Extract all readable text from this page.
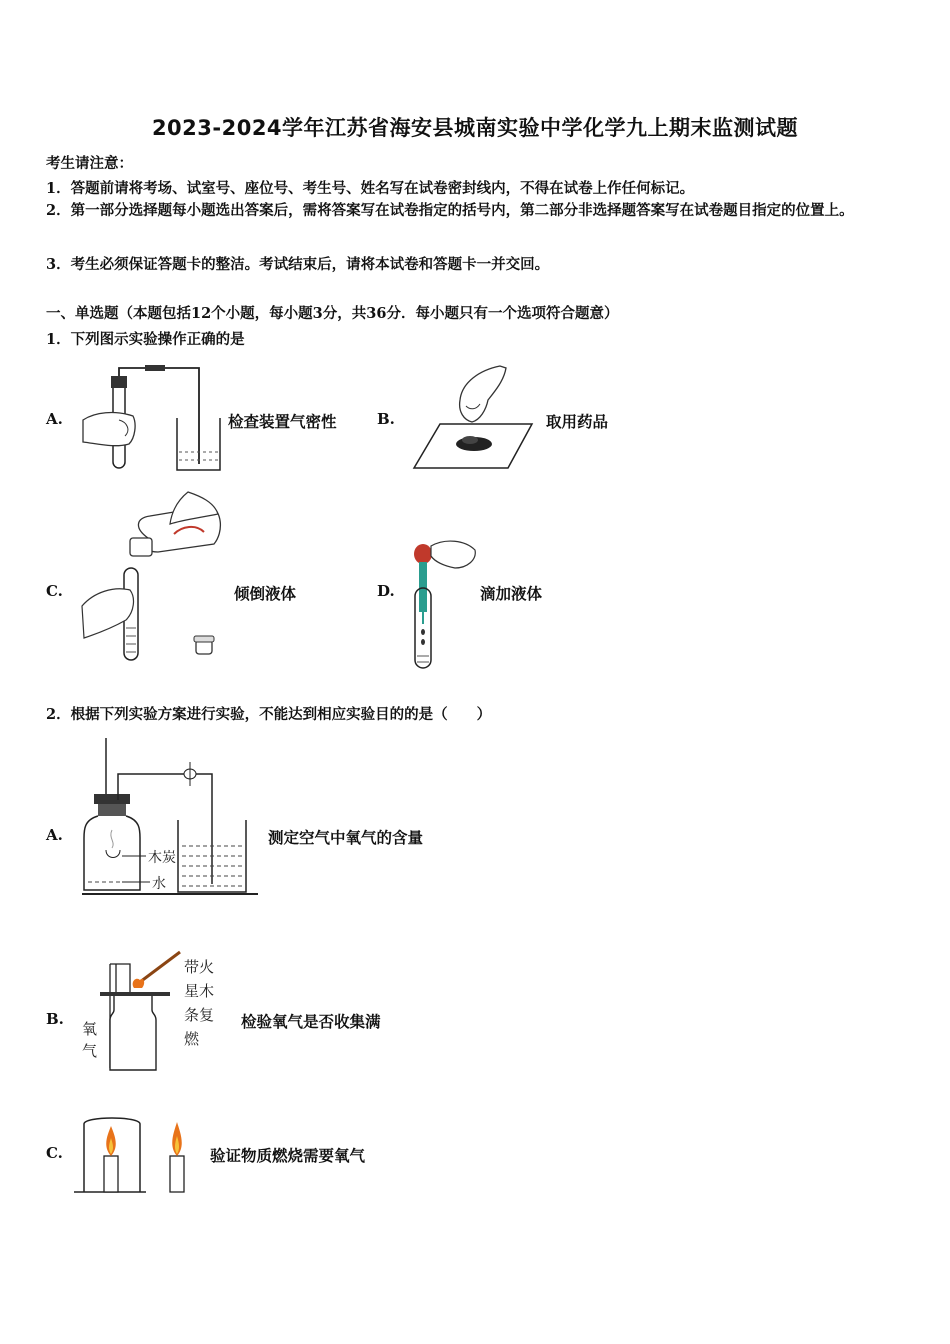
2023-2024学年江苏省海安县城南实验中学化学九上期末监测试题
考生请注意：
1．答题前请将考场、试室号、座位号、考生号、姓名写在试卷密封线内，不得在试卷上作任何标记。
2．第一部分选择题每小题选出答案后，需将答案写在试卷指定的括号内，第二部分非选择题答案写在试卷题目指定的位置上。
3．考生必须保证答题卡的整洁。考试结束后，请将本试卷和答题卡一并交回。
一、单选题（本题包括12个小题，每小题3分，共36分．每小题只有一个选项符合题意）
1．下列图示实验操作正确的是
A.	检查装置气密性	B.	取用药品
C.	倾倒液体	D.	滴加液体
2．根据下列实验方案进行实验，不能达到相应实验目的的是（　　）
A.	测定空气中氧气的含量
B.	检验氧气是否收集满
C.	验证物质燃烧需要氧气
木炭
水
带火
星木
条复
燃
氧
气
